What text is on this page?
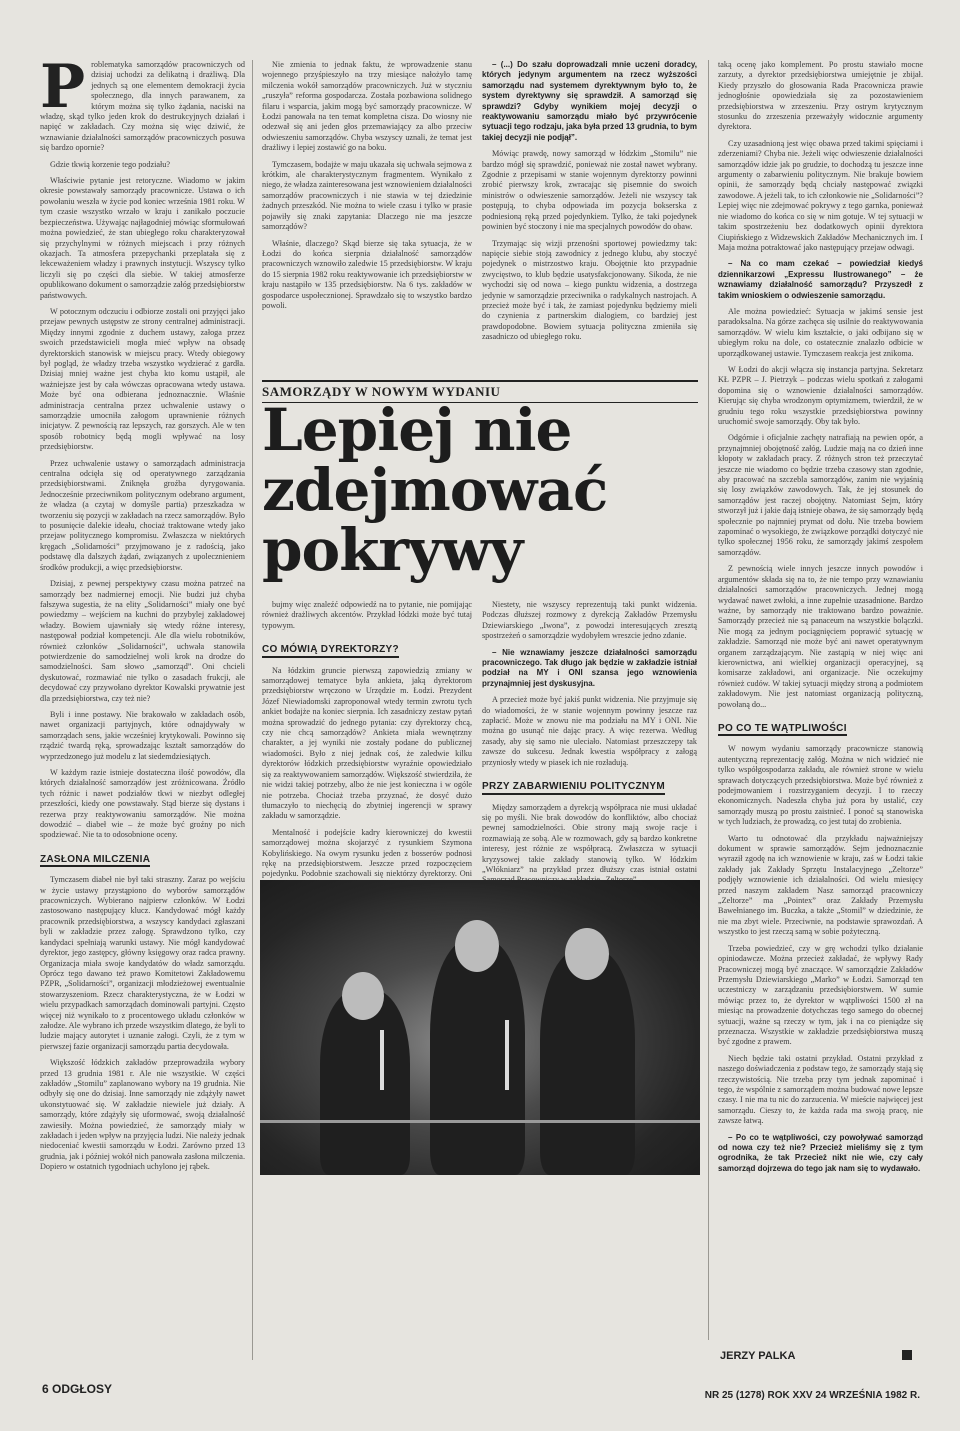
P roblematyka samorządów pracowniczych od dzisiaj uchodzi za delikatną i drażliwą. Dla jednych są one elementem demokracji życia społecznego, dla innych parawanem, za którym można się tylko żądania, naciski na władzę, skąd tylko jeden krok do destrukcyjnych działań i napięć w zakładach. Czy można się więc dziwić, że wznawianie działalności samorządów pracowniczych posuwa się bardzo opornie?

Gdzie tkwią korzenie tego podziału?

Właściwie pytanie jest retoryczne. Wiadomo w jakim okresie powstawały samorządy pracownicze. Ustawa o ich powołaniu weszła w życie pod koniec września 1981 roku. W tym czasie wszystko wrzało w kraju i zanikało poczucie bezpieczeństwa. Używając najłagodniej mówiąc sformułowań można powiedzieć, że stan ubiegłego roku charakteryzował się przychylnymi w różnych miejscach i przy różnych okazjach. Ta atmosfera przepychanki przeplatała się z lekceważeniem władzy i prawnych instytucji. Wszyscy tylko liczyli się po części dla siebie. W takiej atmosferze opublikowano dokument o samorządzie załóg przedsiębiorstw państwowych.

W potocznym odczuciu i odbiorze zostali oni przyjęci jako przejaw pewnych ustępstw ze strony centralnej administracji. Między innymi zgodnie z duchem ustawy, załoga przez swoich przedstawicieli mogła mieć wpływ na obsadę dyrektorskich stanowisk w miejscu pracy. Wtedy obiegowy był pogląd, że władzy trzeba wszystko wydzierać z gardła. Dzisiaj mniej ważne jest chyba kto komu ustąpił, ale ważniejsze jest by cała wówczas opracowana wtedy ustawa. Może być ona odbierana jednoznacznie. Właśnie administracja centralna przez uchwalenie ustawy o samorządzie umocniła załogom uprawnienie różnych inicjatyw. Z pewnością raz lepszych, raz gorszych. Ale w ten sposób robotnicy będą mogli wpływać na losy przedsiębiorstw.

Przez uchwalenie ustawy o samorządach administracja centralna odcięła się od operatywnego zarządzania przedsiębiorstwami. Zniknęła groźba dyrygowania. Jednocześnie przeciwnikom politycznym odebrano argument, że władza (a czytaj w domyśle partia) przeszkadza w tworzeniu się pozycji w zakładach na rzecz samorządów. Było to posunięcie dalekie ideału, chociaż traktowane wtedy jako przejaw politycznego kompromisu. Zwłaszcza w niektórych kręgach „Solidarności” przyjmowano je z radością, jako podstawę dla dalszych żądań, związanych z upolecznieniem środków produkcji, a więc przedsiębiorstw.

Dzisiaj, z pewnej perspektywy czasu można patrzeć na samorządy bez nadmiernej emocji. Nie budzi już chyba fałszywa sugestia, że na elity „Solidarności” miały one być powiedzmy – wejściem na kuchni do przybylej zakładowej władzy. Bowiem ujawniały się wtedy różne interesy, następował podział kompetencji. Ale dla wielu robotników, również członków „Solidarności”, uchwała stanowiła potwierdzenie do samodzielnej woli krok na drodze do samodzielności. Sam słowo „samorząd”. Oni chcieli dyskutować, rozmawiać nie tylko o zasadach frukcji, ale decydować czy przywołano dyrektor Kowalski prywatnie jest dla przedsiębiorstwa, czy też nie?

Byli i inne postawy. Nie brakowało w zakładach osób, nawet organizacji partyjnych, które odnajdywały w samorządach sens, jakie wcześniej krytykowali. Powinno się rządzić twardą ręką, sprowadzając kształt samorządów do wyprzedzonego już modelu z lat siedemdziesiątych.

W każdym razie istnieje dostateczna ilość powodów, dla których działalność samorządów jest zróżnicowana. Źródło tych różnic i nawet podziałów tkwi w niezbyt odległej przeszłości, kiedy one powstawały. Stąd bierze się dystans i rezerwa przy reaktywowaniu samorządów. Nie można dowodzić – diabeł wie – że może być groźny po nich spodziewać. Nie ta to odosobnione oceny.

ZASŁONA MILCZENIA

Tymczasem diabeł nie był taki straszny. Zaraz po wejściu w życie ustawy przystąpiono do wyborów samorządów pracowniczych. Wybierano najpierw członków. W Łodzi zastosowano następujący klucz. Kandydować mógł każdy pracownik przedsiębiorstwa, a wszyscy kandydaci zgłaszani byli w zakładzie przez załogę. Sprawdzono tylko, czy kandydaci spełniają warunki ustawy. Nie mógł kandydować dyrektor, jego zastępcy, główny księgowy oraz radca prawny. Organizacja miała swoje kandydatów do władz samorządu. Oprócz tego dawano też prawo Komitetowi Zakładowemu PZPR, „Solidarności”, organizacji młodzieżowej ewentualnie stowarzyszeniom. Rzecz charakterystyczna, że w Łodzi w wielu przypadkach samorządach dominowali partyjni. Często więcej niż wynikało to z procentowego układu członków w załodze. Ale wybrano ich przede wszystkim dlatego, że byli to ludzie mający autorytet i uznanie załogi. Czyli, że z tym w pierwszej fazie organizacji samorządu partia decydowała.

Większość łódzkich zakładów przeprowadziła wybory przed 13 grudnia 1981 r. Ale nie wszystkie. W części zakładów „Stomilu” zaplanowano wybory na 19 grudnia. Nie odbyły się one do dzisiaj. Inne samorządy nie zdążyły nawet ukonstytuować się. W zakładzie niewiele już działy. A samorządy, które zdążyły się uformować, swoją działalność zawiesiły. Można powiedzieć, że samorządy miały w zakładach i jeden wpływ na przyjęcia ludzi. Nie należy jednak niedoceniać kwestii samorządu w Łodzi. Zarówno przed 13 grudnia, jak i później wokół nich panowała zasłona milczenia. Dopiero w ostatnich tygodniach uchylono jej rąbek.

Nie zmienia to jednak faktu, że wprowadzenie stanu wojennego przyśpieszyło na trzy miesiące nałożyło tamę milczenia wokół samorządów pracowniczych. Już w styczniu „ruszyła” reforma gospodarcza. Została pozbawiona solidnego filaru i wsparcia, jakim mogą być samorządy pracownicze. W Łodzi panowała na ten temat kompletna cisza. Do wiosny nie odezwał się ani jeden głos przemawiający za albo przeciw odwieszeniu samorządów. Chyba wszyscy uznali, że temat jest drażliwy i lepiej zostawić go na boku.

Tymczasem, bodajże w maju ukazała się uchwała sejmowa z krótkim, ale charakterystycznym fragmentem. Wynikało z niego, że władza zainteresowana jest wznowieniem działalności samorządów pracowniczych i nie stawia w tej dziedzinie żadnych przeszkód. Nie można to wiele czasu i tylko w prasie pojawiły się znaki zapytania: Dlaczego nie ma jeszcze samorządów?

Właśnie, dlaczego? Skąd bierze się taka sytuacja, że w Łodzi do końca sierpnia działalność samorządów pracowniczych wznowiło zaledwie 15 przedsiębiorstw. W kraju do 15 sierpnia 1982 roku reaktywowanie ich przedsiębiorstw w kraju nastąpiło w 135 przedsiębiorstw. Na 6 tys. zakładów w gospodarce uspołecznionej. Sprawdzało się to wszystko bardzo powoli.

– (...) Do szału doprowadzali mnie uczeni doradcy, których jedynym argumentem na rzecz wyższości samorządu nad systemem dyrektywnym było to, że system dyrektywny się sprawdził. A samorząd się sprawdzi? Gdyby wynikiem mojej decyzji o reaktywowaniu samorządu miało być przywrócenie sytuacji tego rodzaju, jaka była przed 13 grudnia, to bym takiej decyzji nie podjął”.

Mówiąc prawdę, nowy samorząd w łódzkim „Stomilu” nie bardzo mógł się sprawdzić, ponieważ nie został nawet wybrany. Zgodnie z przepisami w stanie wojennym dyrektorzy powinni zrobić pierwszy krok, zwracając się pisemnie do swoich ministrów o odwieszenie samorządów. Jeżeli nie wszyscy tak postępują, to chyba odpowiada im pozycja bokserska z podniesioną ręką przed pojedynkiem. Tylko, że taki pojedynek powinien być stoczony i nie ma specjalnych powodów do obaw.

Trzymając się wizji przenośni sportowej powiedzmy tak: napięcie siebie stoją zawodnicy z jednego klubu, aby stoczyć pojedynek o mistrzostwo kraju. Obojętnie kto przypadnie zwycięstwo, to klub będzie usatysfakcjonowany. Sikoda, że nie wychodzi się od nowa – kiego punktu widzenia, a dostrzega jedynie w samorządzie przeciwnika o radykalnych nastrojach. A przecież może być i tak, że zamiast pojedynku będziemy mieli do czynienia z partnerskim dialogiem, co bardziej jest prawdopodobne. Bowiem sytuacja polityczna zmieniła się zasadniczo od ubiegłego roku.

SAMORZĄDY W NOWYM WYDANIU
Lepiej nie zdejmować
pokrywy

bujmy więc znaleźć odpowiedź na to pytanie, nie pomijając również drażliwych akcentów. Przykład łódzki może być tutaj typowym.

CO MÓWIĄ DYREKTORZY?

Na łódzkim gruncie pierwszą zapowiedzią zmiany w samorządowej tematyce była ankieta, jaką dyrektorom przedsiębiorstw wręczono w Urzędzie m. Łodzi. Prezydent Józef Niewiadomski zaproponował wtedy termin zwrotu tych ankiet bodajże na koniec sierpnia. Ich zasadniczy zestaw pytań można sprowadzić do jednego pytania: czy dyrektorzy chcą, czy nie chcą samorządów? Ankieta miała wewnętrzny charakter, a jej wyniki nie zostały podane do publicznej wiadomości. Było z niej jednak coś, że zaledwie kilku dyrektorów łódzkich przedsiębiorstw wyraźnie opowiedziało się za reaktywowaniem samorządów. Większość stwierdziła, że nie widzi takiej potrzeby, albo że nie jest konieczna i w ogóle nie potrzeba. Chociaż trzeba przyznać, że dosyć dużo tłumaczyło to niechęcią do zbytniej ingerencji w sprawy zakładu w samorządzie.

Mentalność i podejście kadry kierowniczej do kwestii samorządowej można skojarzyć z rysunkiem Szymona Kobylińskiego. Na owym rysunku jeden z bosserów podnosi rękę na przedsiębiorstwem. Jeszcze przed rozpoczęciem pojedynku. Podobnie szachowali się niektórzy dyrektorzy. Oni

Niestety, nie wszyscy reprezentują taki punkt widzenia. Podczas dłuższej rozmowy z dyrekcją Zakładów Przemysłu Dziewiarskiego „Iwona”, z powodzi interesujących zresztą spostrzeżeń o samorządzie wydobyłem wreszcie jedno zdanie.

– Nie wznawiamy jeszcze działalności samorządu pracowniczego. Tak długo jak będzie w zakładzie istniał podział na MY i ONI szansa jego wznowienia przynajmniej jest dyskusyjna.

A przecież może być jakiś punkt widzenia. Nie przyjmuje się do wiadomości, że w stanie wojennym powinny jeszcze raz zapłacić. Może w znowu nie ma podziału na MY i ONI. Nie można go usunąć nie dając pracy. A więc rezerwa. Według zasady, aby się samo nie uleciało. Natomiast przeszczepy tak zawsze do sukcesu. Jednak kwestia współpracy z załogą przyniosły wtedy w piasek ich nie rozładują.

PRZY ZABARWIENIU POLITYCZNYM

Między samorządem a dyrekcją współpraca nie musi układać się po myśli. Nie brak dowodów do konfliktów, albo chociaż pewnej samodzielności. Obie strony mają swoje racje i rozmawiają ze sobą. Ale w rozmowach, gdy są bardzo konkretne interesy, jest różnie ze współpracą. Zwłaszcza w sytuacji kryzysowej takie zakłady stanowią tylko. W łódzkim „Włókniarz” na przykład przez dłuższy czas istniał ostatni

taką ocenę jako komplement. Po prostu stawiało mocne zarzuty, a dyrektor przedsiębiorstwa umiejętnie je zbijał. Kiedy przyszło do głosowania Rada Pracownicza prawie jednogłośnie opowiedziała się za pozostawieniem przedsiębiorstwa w zrzeszeniu. Przy ostrym krytycznym stosunku do zrzeszenia przeważyły widocznie argumenty dyrektora.

Czy uzasadnioną jest więc obawa przed takimi spięciami i zderzeniami? Chyba nie. Jeżeli więc odwieszenie działalności samorządów idzie jak po grudzie, to dochodzą tu jeszcze inne argumenty o zabarwieniu politycznym. Nie brakuje bowiem opinii, że samorządy będą chciały następować związki zawodowe. A jeżeli tak, to ich członkowie nie „Solidarności”? Lepiej więc nie zdejmować pokrywy z tego garnka, ponieważ nie wiadomo do końca co się w nim gotuje. W tej sytuacji w takim spostrzeżeniu bez dodatkowych opinii dyrektora Ciupińskiego z Widzewskich Zakładów Mechanicznych im. I Maja można potraktować jako następujący przejaw odwagi.

– Na co mam czekać – powiedział kiedyś dziennikarzowi „Expressu Ilustrowanego” – że wznawiamy działalność samorządu? Przyszedł z takim wnioskiem o odwieszenie samorządu.

Ale można powiedzieć: Sytuacja w jakimś sensie jest paradoksalna. Na górze zachęca się usilnie do reaktywowania samorządów. W wielu kim kształcie, o jaki odbijano się w ubiegłym roku na dole, co ostatecznie znalazło odbicie w uporządkowanej ustawie. Tymczasem reakcja jest znikoma.

W Łodzi do akcji włącza się instancja partyjna. Sekretarz KŁ PZPR – J. Pietrzyk – podczas wielu spotkań z załogami dopomina się o wznowienie działalności samorządów. Kierując się chyba wrodzonym optymizmem, twierdził, że w grudniu tego roku wszystkie przedsiębiorstwa powinny uruchomić swoje samorządy. Oby tak było.

Odgórnie i oficjalnie zachęty natrafiają na pewien opór, a przynajmniej obojętność załóg. Ludzie mają na co dzień inne kłopoty w zakładach pracy. Z różnych stron też przeczytać jeszcze nie wiadomo co będzie trzeba czasowy stan zgodnie, aby pracować na szczebla samorządów, zanim nie wyjaśnią się losy związków zawodowych. Tak, że jej stosunek do samorządów jest raczej obojętny. Natomiast Sejm, który stworzył już i jakie dają istnieje obawa, że się samorządy będą społecznie po najmniej prymat od dołu. Nie trzeba bowiem zapominać o wysokiego, że związkowe porządki dotyczyć nie tylko społecznej 1956 roku, że samorządy jakimś zespołem samorządów.

Z pewnością wiele innych jeszcze innych powodów i argumentów składa się na to, że nie tempo przy wznawianiu działalności samorządów pracowniczych. Jednej mogą wydawać nawet zwłoki, a inne zupełnie uzasadnione. Bardzo ważne, by samorządy nie traktowano bardzo poważnie. Samorządy przecież nie są panaceum na wszystkie bolączki. Nie mogą za jednym pociągnięciem poprawić sytuację w zakładzie. Samorząd nie może być ani nawet operatywnym organem zarządzającym. Nie zastąpią w niej więc ani kierownictwa, ani wielkiej organizacji operacyjnej, są komisarze zakładowi, ani organizacje. Nie oczekujmy również cudów. W takiej sytuacji między stroną a podmiotem zakładowym. Nie jest natomiast organizacją polityczną, powołaną do...

PO CO TE WĄTPLIWOŚCI

W nowym wydaniu samorządy pracownicze stanowią autentyczną reprezentację załóg. Można w nich widzieć nie tylko współgospodarza zakładu, ale również strone w wielu sprawach dotyczących przedsiębiorstwa. Może być również z podejmowaniem i rozstrzyganiem decyzji. I to rzeczy ekonomicznych. Nadeszła chyba już pora by ustalić, czy samorządy muszą po prostu zaistnieć. I ponoć są stanowiska w tych ludziach, że prowadzą, co jest tutaj do zrobienia.

Warto tu odnotować dla przykładu najważniejszy dokument w sprawie samorządów. Sejm jednoznacznie wyraził zgodę na ich wznowienie w kraju, zaś w Łodzi takie zakłady jak Zakłady Sprzętu Instalacyjnego „Zeltorze” podjęły wznowienie ich działalności. Od wielu miesięcy przed naszym zakładem Nasz samorząd pracowniczy „Zeltorze” ma „Pointex” oraz Zakłady Przemysłu Bawełnianego im. Buczka, a także „Stomil” w dziedzinie, że nie ma zbyt wiele. Przeciwnie, na podstawie sprawozdań. A wszystko to jest rzeczą samą w sobie pożyteczną.

Trzeba powiedzieć, czy w grę wchodzi tylko działanie opiniodawcze. Można przecież zakładać, że wpływy Rady Pracowniczej mogą być znaczące. W samorządzie Zakładów Przemysłu Dziewiarskiego „Marko” w Łodzi. Samorząd ten uczestniczy w zarządzaniu przedsiębiorstwem. W sumie mówiąc przez to, że dyrektor w wątpliwości 1500 zł na miesiąc na prowadzenie dotychczas tego samego do obecnej sytuacji, ważne są rzeczy w tym, jak i na co pieniądze się przeznacza. Wszystkie w zakładzie przedsiębiorstwa muszą być zgodne z prawem.

Niech będzie taki ostatni przykład. Ostatni przykład z naszego doświadczenia z podstaw tego, że samorządy stają się rzeczywistością. Nie trzeba przy tym jednak zapominać i tego, że wspólnie z samorządem można budować nowe lepsze czasy. I nie ma tu nic do zarzucenia. W mieście najwięcej jest samorządu. Cieszy to, że każda rada ma swoją pracę, nie zawsze łatwą.

– Po co te wątpliwości, czy powoływać samorząd od nowa czy też nie? Przecież mieliśmy się z tym ogrodnika, że tak Przecież nikt nie wie, czy cały samorząd dojrzewa do tego jak nam się to wydawało.

JERZY PALKA
6 ODGŁOSY	NR 25 (1278) ROK XXV 24 WRZEŚNIA 1982 R.
